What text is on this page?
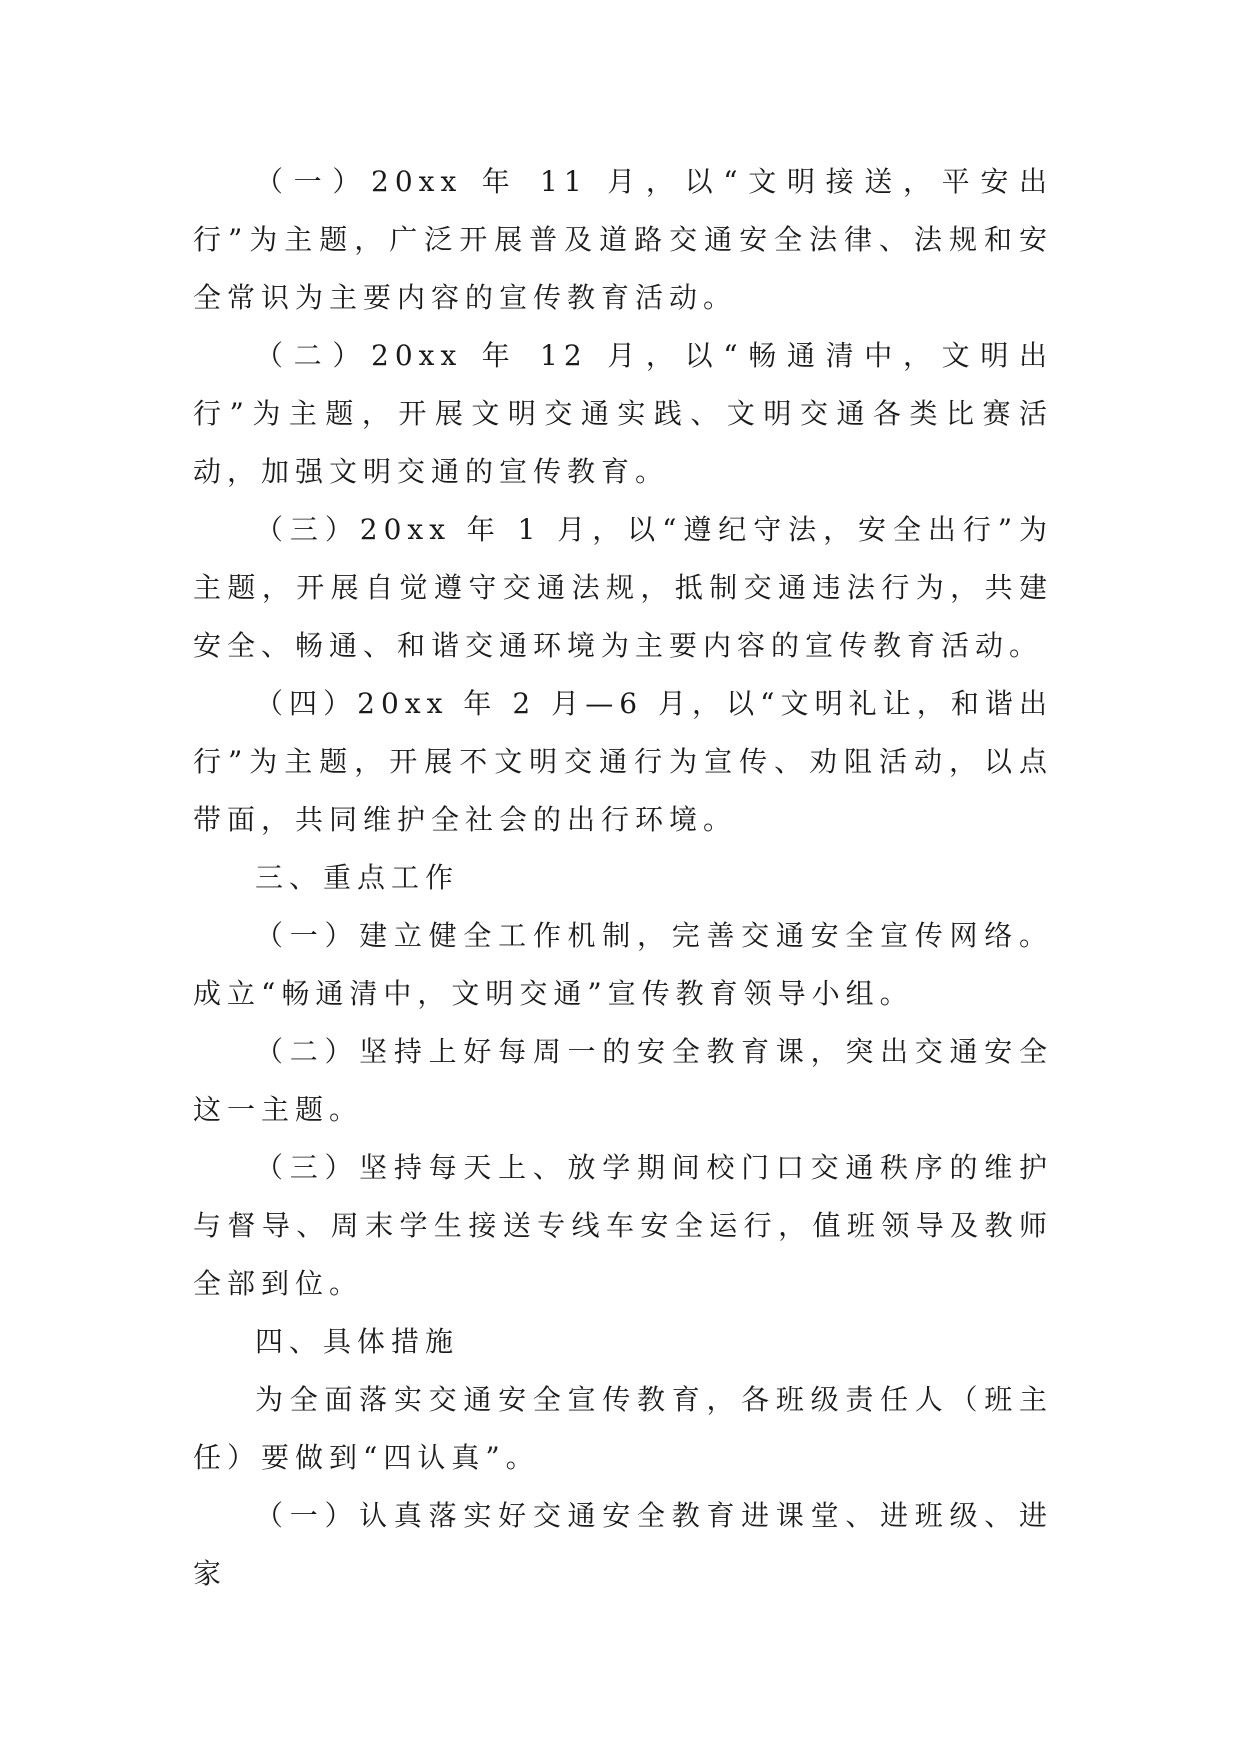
（一）20xx 年 11 月，以“文明接送，平安出行”为主题，广泛开展普及道路交通安全法律、法规和安全常识为主要内容的宣传教育活动。

（二）20xx 年 12 月，以“畅通清中，文明出行”为主题，开展文明交通实践、文明交通各类比赛活动，加强文明交通的宣传教育。

（三）20xx 年 1 月，以“遵纪守法，安全出行”为主题，开展自觉遵守交通法规，抵制交通违法行为，共建安全、畅通、和谐交通环境为主要内容的宣传教育活动。

（四）20xx 年 2 月—6 月，以“文明礼让，和谐出行”为主题，开展不文明交通行为宣传、劝阻活动，以点带面，共同维护全社会的出行环境。

三、重点工作

（一）建立健全工作机制，完善交通安全宣传网络。成立“畅通清中，文明交通”宣传教育领导小组。

（二）坚持上好每周一的安全教育课，突出交通安全这一主题。

（三）坚持每天上、放学期间校门口交通秩序的维护与督导、周末学生接送专线车安全运行，值班领导及教师全部到位。

四、具体措施

为全面落实交通安全宣传教育，各班级责任人（班主任）要做到“四认真”。

（一）认真落实好交通安全教育进课堂、进班级、进家
